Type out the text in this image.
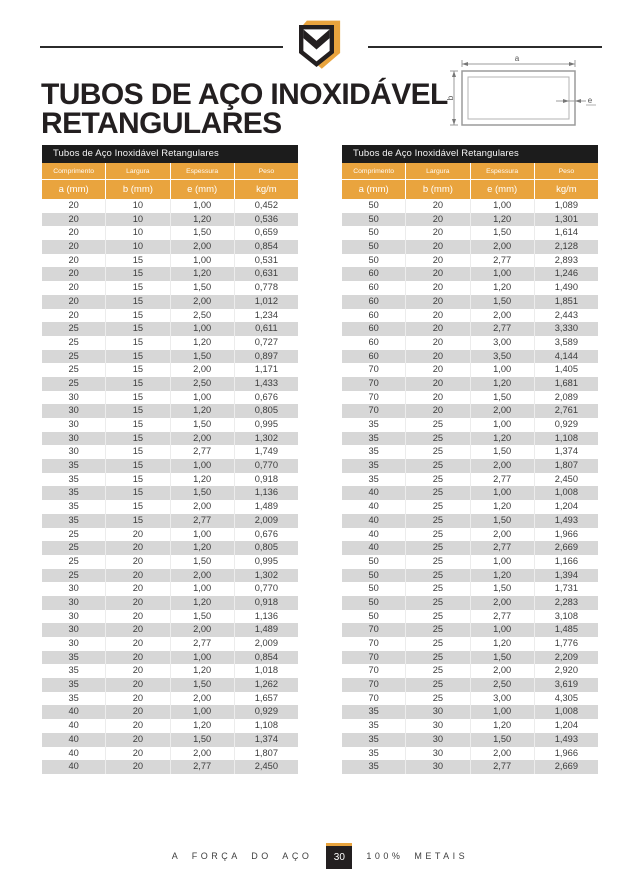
TUBOS DE AÇO INOXIDÁVEL
RETANGULARES
a
b	e
Tubos de Aço Inoxidável Retangulares
Comprimento	Largura	Espessura	Peso
a (mm)	b (mm)	e (mm)	kg/m
20	10	1,00	0,452
20	10	1,20	0,536
20	10	1,50	0,659
20	10	2,00	0,854
20	15	1,00	0,531
20	15	1,20	0,631
20	15	1,50	0,778
20	15	2,00	1,012
20	15	2,50	1,234
25	15	1,00	0,611
25	15	1,20	0,727
25	15	1,50	0,897
25	15	2,00	1,171
25	15	2,50	1,433
30	15	1,00	0,676
30	15	1,20	0,805
30	15	1,50	0,995
30	15	2,00	1,302
30	15	2,77	1,749
35	15	1,00	0,770
35	15	1,20	0,918
35	15	1,50	1,136
35	15	2,00	1,489
35	15	2,77	2,009
25	20	1,00	0,676
25	20	1,20	0,805
25	20	1,50	0,995
25	20	2,00	1,302
30	20	1,00	0,770
30	20	1,20	0,918
30	20	1,50	1,136
30	20	2,00	1,489
30	20	2,77	2,009
35	20	1,00	0,854
35	20	1,20	1,018
35	20	1,50	1,262
35	20	2,00	1,657
40	20	1,00	0,929
40	20	1,20	1,108
40	20	1,50	1,374
40	20	2,00	1,807
40	20	2,77	2,450
Tubos de Aço Inoxidável Retangulares
Comprimento	Largura	Espessura	Peso
a (mm)	b (mm)	e (mm)	kg/m
50	20	1,00	1,089
50	20	1,20	1,301
50	20	1,50	1,614
50	20	2,00	2,128
50	20	2,77	2,893
60	20	1,00	1,246
60	20	1,20	1,490
60	20	1,50	1,851
60	20	2,00	2,443
60	20	2,77	3,330
60	20	3,00	3,589
60	20	3,50	4,144
70	20	1,00	1,405
70	20	1,20	1,681
70	20	1,50	2,089
70	20	2,00	2,761
35	25	1,00	0,929
35	25	1,20	1,108
35	25	1,50	1,374
35	25	2,00	1,807
35	25	2,77	2,450
40	25	1,00	1,008
40	25	1,20	1,204
40	25	1,50	1,493
40	25	2,00	1,966
40	25	2,77	2,669
50	25	1,00	1,166
50	25	1,20	1,394
50	25	1,50	1,731
50	25	2,00	2,283
50	25	2,77	3,108
70	25	1,00	1,485
70	25	1,20	1,776
70	25	1,50	2,209
70	25	2,00	2,920
70	25	2,50	3,619
70	25	3,00	4,305
35	30	1,00	1,008
35	30	1,20	1,204
35	30	1,50	1,493
35	30	2,00	1,966
35	30	2,77	2,669
A FORÇA DO AÇO	30	100% METAIS
